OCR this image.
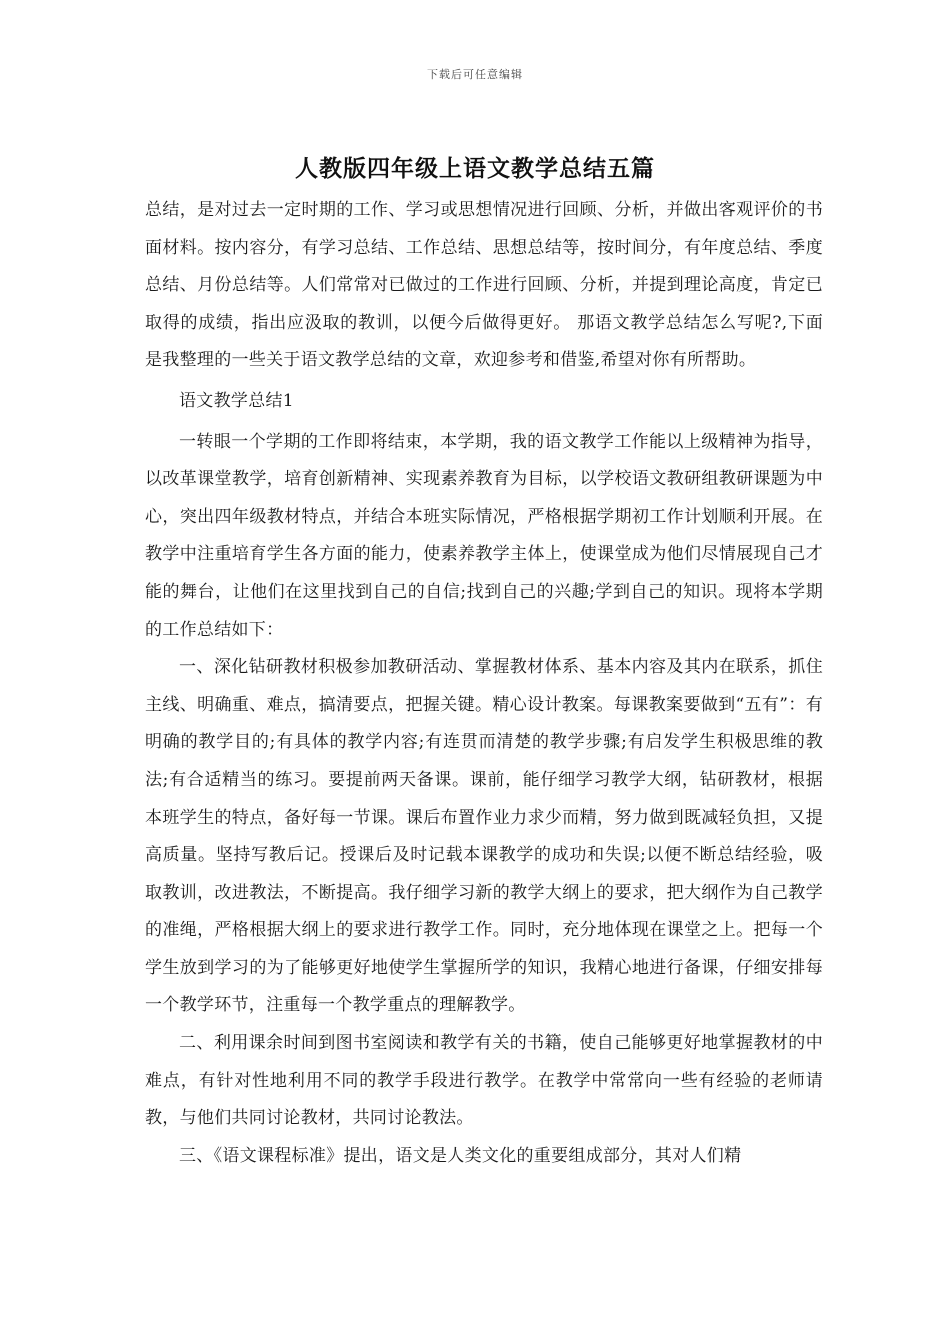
下载后可任意编辑
人教版四年级上语文教学总结五篇

总结，是对过去一定时期的工作、学习或思想情况进行回顾、分析，并做出客观评价的书面材料。按内容分，有学习总结、工作总结、思想总结等，按时间分，有年度总结、季度总结、月份总结等。人们常常对已做过的工作进行回顾、分析，并提到理论高度，肯定已取得的成绩，指出应汲取的教训，以便今后做得更好。 那语文教学总结怎么写呢?,下面是我整理的一些关于语文教学总结的文章，欢迎参考和借鉴,希望对你有所帮助。

语文教学总结1

一转眼一个学期的工作即将结束，本学期，我的语文教学工作能以上级精神为指导，以改革课堂教学，培育创新精神、实现素养教育为目标，以学校语文教研组教研课题为中心，突出四年级教材特点，并结合本班实际情况，严格根据学期初工作计划顺利开展。在教学中注重培育学生各方面的能力，使素养教学主体上，使课堂成为他们尽情展现自己才能的舞台，让他们在这里找到自己的自信;找到自己的兴趣;学到自己的知识。现将本学期的工作总结如下：

一、深化钻研教材积极参加教研活动、掌握教材体系、基本内容及其内在联系，抓住主线、明确重、难点，搞清要点，把握关键。精心设计教案。每课教案要做到“五有”：有明确的教学目的;有具体的教学内容;有连贯而清楚的教学步骤;有启发学生积极思维的教法;有合适精当的练习。要提前两天备课。课前，能仔细学习教学大纲，钻研教材，根据本班学生的特点，备好每一节课。课后布置作业力求少而精，努力做到既减轻负担，又提高质量。坚持写教后记。授课后及时记载本课教学的成功和失误;以便不断总结经验，吸取教训，改进教法，不断提高。我仔细学习新的教学大纲上的要求，把大纲作为自己教学的准绳，严格根据大纲上的要求进行教学工作。同时，充分地体现在课堂之上。把每一个学生放到学习的为了能够更好地使学生掌握所学的知识，我精心地进行备课，仔细安排每一个教学环节，注重每一个教学重点的理解教学。

二、利用课余时间到图书室阅读和教学有关的书籍，使自己能够更好地掌握教材的中难点，有针对性地利用不同的教学手段进行教学。在教学中常常向一些有经验的老师请教，与他们共同讨论教材，共同讨论教法。

三、《语文课程标准》提出，语文是人类文化的重要组成部分，其对人们精
